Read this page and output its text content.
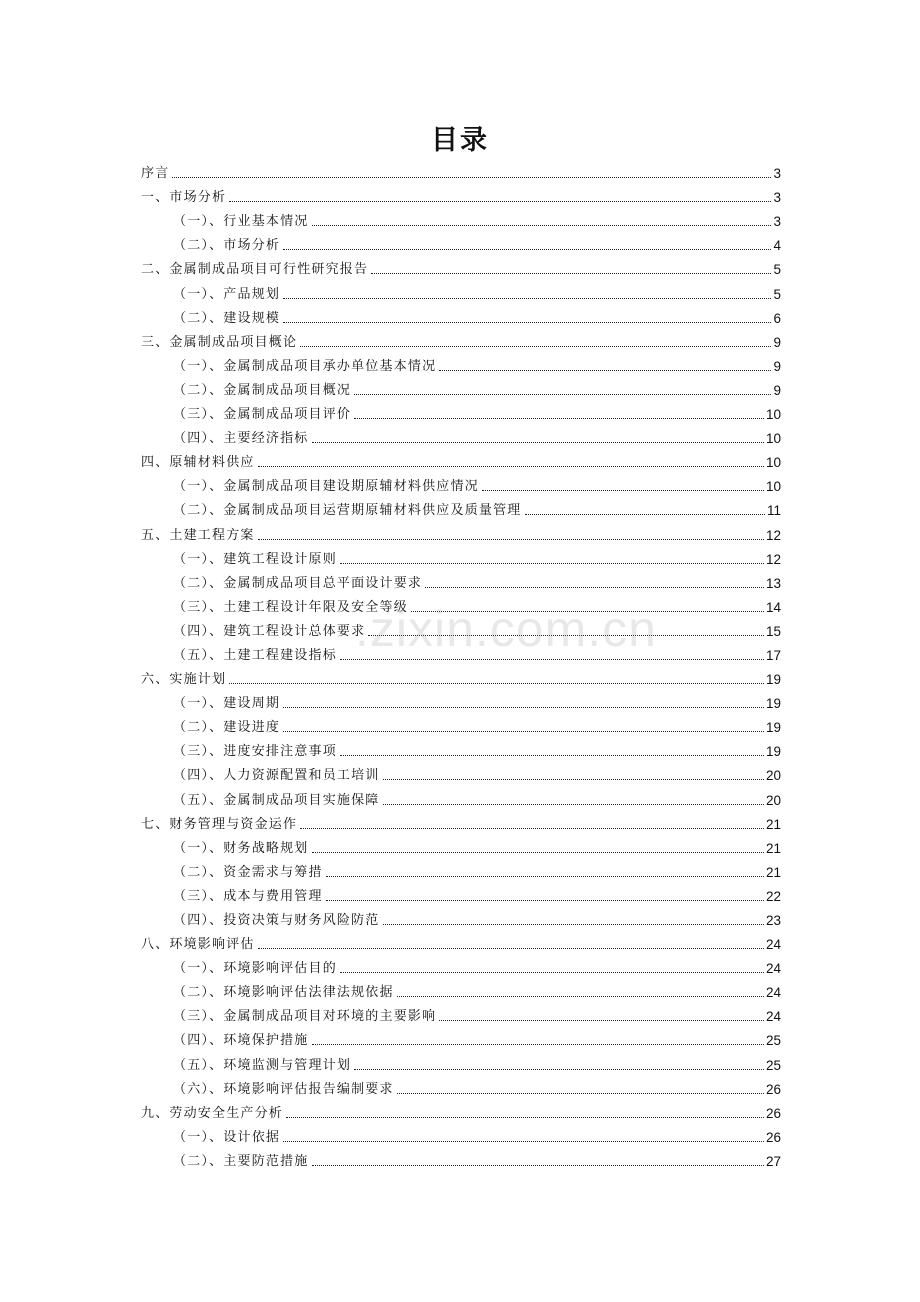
目录
序言	3
一、市场分析	3
（一）、行业基本情况	3
（二）、市场分析	4
二、金属制成品项目可行性研究报告	5
（一）、产品规划	5
（二）、建设规模	6
三、金属制成品项目概论	9
（一）、金属制成品项目承办单位基本情况	9
（二）、金属制成品项目概况	9
（三）、金属制成品项目评价	10
（四）、主要经济指标	10
四、原辅材料供应	10
（一）、金属制成品项目建设期原辅材料供应情况	10
（二）、金属制成品项目运营期原辅材料供应及质量管理	11
五、土建工程方案	12
（一）、建筑工程设计原则	12
（二）、金属制成品项目总平面设计要求	13
（三）、土建工程设计年限及安全等级	14
（四）、建筑工程设计总体要求	15
（五）、土建工程建设指标	17
六、实施计划	19
（一）、建设周期	19
（二）、建设进度	19
（三）、进度安排注意事项	19
（四）、人力资源配置和员工培训	20
（五）、金属制成品项目实施保障	20
七、财务管理与资金运作	21
（一）、财务战略规划	21
（二）、资金需求与筹措	21
（三）、成本与费用管理	22
（四）、投资决策与财务风险防范	23
八、环境影响评估	24
（一）、环境影响评估目的	24
（二）、环境影响评估法律法规依据	24
（三）、金属制成品项目对环境的主要影响	24
（四）、环境保护措施	25
（五）、环境监测与管理计划	25
（六）、环境影响评估报告编制要求	26
九、劳动安全生产分析	26
（一）、设计依据	26
（二）、主要防范措施	27
.zixin.com.cn
